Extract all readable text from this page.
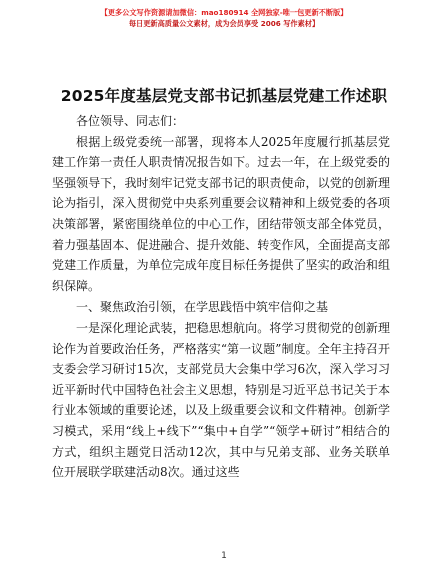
【更多公文写作资源请加微信：mao180914 全网独家-唯一包更新不断版】
每日更新高质量公文素材，成为会员享受 2006 写作素材】
2025年度基层党支部书记抓基层党建工作述职

各位领导、同志们：

根据上级党委统一部署，现将本人2025年度履行抓基层党建工作第一责任人职责情况报告如下。过去一年，在上级党委的坚强领导下，我时刻牢记党支部书记的职责使命，以党的创新理论为指引，深入贯彻党中央系列重要会议精神和上级党委的各项决策部署，紧密围绕单位的中心工作，团结带领支部全体党员，着力强基固本、促进融合、提升效能、转变作风，全面提高支部党建工作质量，为单位完成年度目标任务提供了坚实的政治和组织保障。

一、聚焦政治引领，在学思践悟中筑牢信仰之基

一是深化理论武装，把稳思想航向。将学习贯彻党的创新理论作为首要政治任务，严格落实“第一议题”制度。全年主持召开支委会学习研讨15次，支部党员大会集中学习6次，深入学习习近平新时代中国特色社会主义思想，特别是习近平总书记关于本行业本领域的重要论述，以及上级重要会议和文件精神。创新学习模式，采用“线上+线下”“集中+自学”“领学+研讨”相结合的方式，组织主题党日活动12次，其中与兄弟支部、业务关联单位开展联学联建活动8次。通过这些

1
